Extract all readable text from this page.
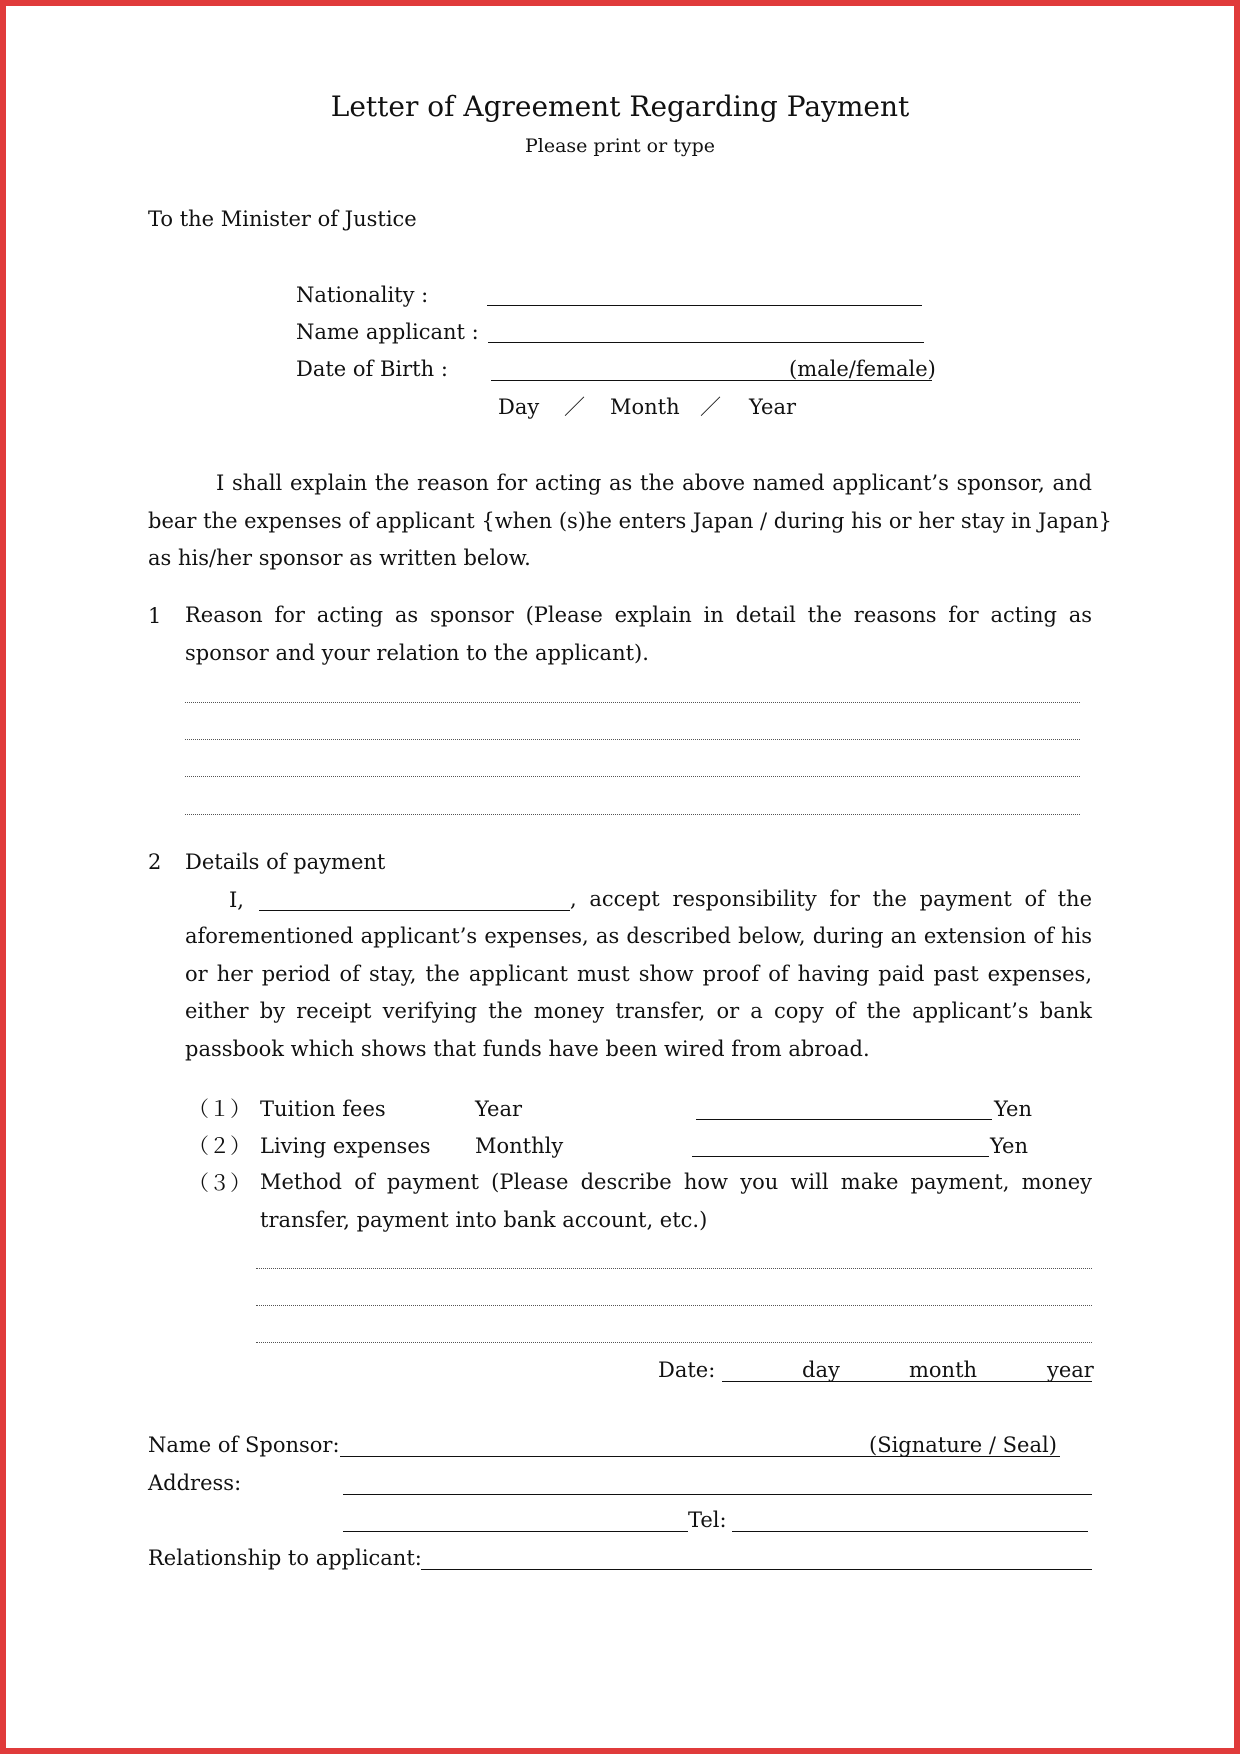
Letter of Agreement Regarding Payment
Please print or type
To the Minister of Justice
Nationality :
Name applicant :
Date of Birth :	(male/female)
Day ／ Month ／ Year
I shall explain the reason for acting as the above named applicant’s sponsor, and
bear the expenses of applicant {when (s)he enters Japan / during his or her stay in Japan}
as his/her sponsor as written below.
1 Reason for acting as sponsor (Please explain in detail the reasons for acting as
sponsor and your relation to the applicant).
2 Details of payment
I,	, accept responsibility for the payment of the
aforementioned applicant’s expenses, as described below, during an extension of his
or her period of stay, the applicant must show proof of having paid past expenses,
either by receipt verifying the money transfer, or a copy of the applicant’s bank
passbook which shows that funds have been wired from abroad.
（１） Tuition fees	Year	Yen
（２） Living expenses Monthly	Yen
（３） Method of payment (Please describe how you will make payment, money
transfer, payment into bank account, etc.)
Date:	day	month	year
Name of Sponsor:	(Signature / Seal)
Address:
Tel:
Relationship to applicant:
